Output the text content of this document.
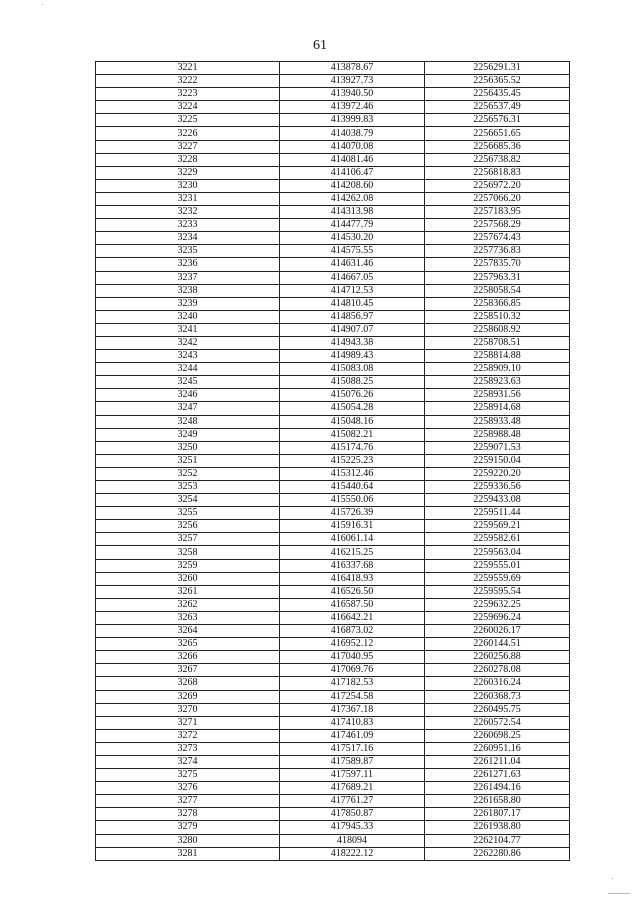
61
3221	413878.67	2256291.31
3222	413927.73	2256365.52
3223	413940.50	2256435.45
3224	413972.46	2256537.49
3225	413999.83	2256576.31
3226	414038.79	2256651.65
3227	414070.08	2256685.36
3228	414081.46	2256738.82
3229	414106.47	2256818.83
3230	414208.60	2256972.20
3231	414262.08	2257066.20
3232	414313.98	2257183.95
3233	414477.79	2257568.29
3234	414530.20	2257674.43
3235	414575.55	2257736.83
3236	414631.46	2257835.70
3237	414667.05	2257963.31
3238	414712.53	2258058.54
3239	414810.45	2258366.85
3240	414856.97	2258510.32
3241	414907.07	2258608.92
3242	414943.38	2258708.51
3243	414989.43	2258814.88
3244	415083.08	2258909.10
3245	415088.25	2258923.63
3246	415076.26	2258931.56
3247	415054.28	2258914.68
3248	415048.16	2258933.48
3249	415082.21	2258988.48
3250	415174.76	2259071.53
3251	415225.23	2259150.04
3252	415312.46	2259220.20
3253	415440.64	2259336.56
3254	415550.06	2259433.08
3255	415726.39	2259511.44
3256	415916.31	2259569.21
3257	416061.14	2259582.61
3258	416215.25	2259563.04
3259	416337.68	2259555.01
3260	416418.93	2259559.69
3261	416526.50	2259595.54
3262	416587.50	2259632.25
3263	416642.21	2259696.24
3264	416873.02	2260026.17
3265	416952.12	2260144.51
3266	417040.95	2260256.88
3267	417069.76	2260278.08
3268	417182.53	2260316.24
3269	417254.58	2260368.73
3270	417367.18	2260495.75
3271	417410.83	2260572.54
3272	417461.09	2260698.25
3273	417517.16	2260951.16
3274	417589.87	2261211.04
3275	417597.11	2261271.63
3276	417689.21	2261494.16
3277	417761.27	2261658.80
3278	417850.87	2261807.17
3279	417945.33	2261938.80
3280	418094	2262104.77
3281	418222.12	2262280.86
